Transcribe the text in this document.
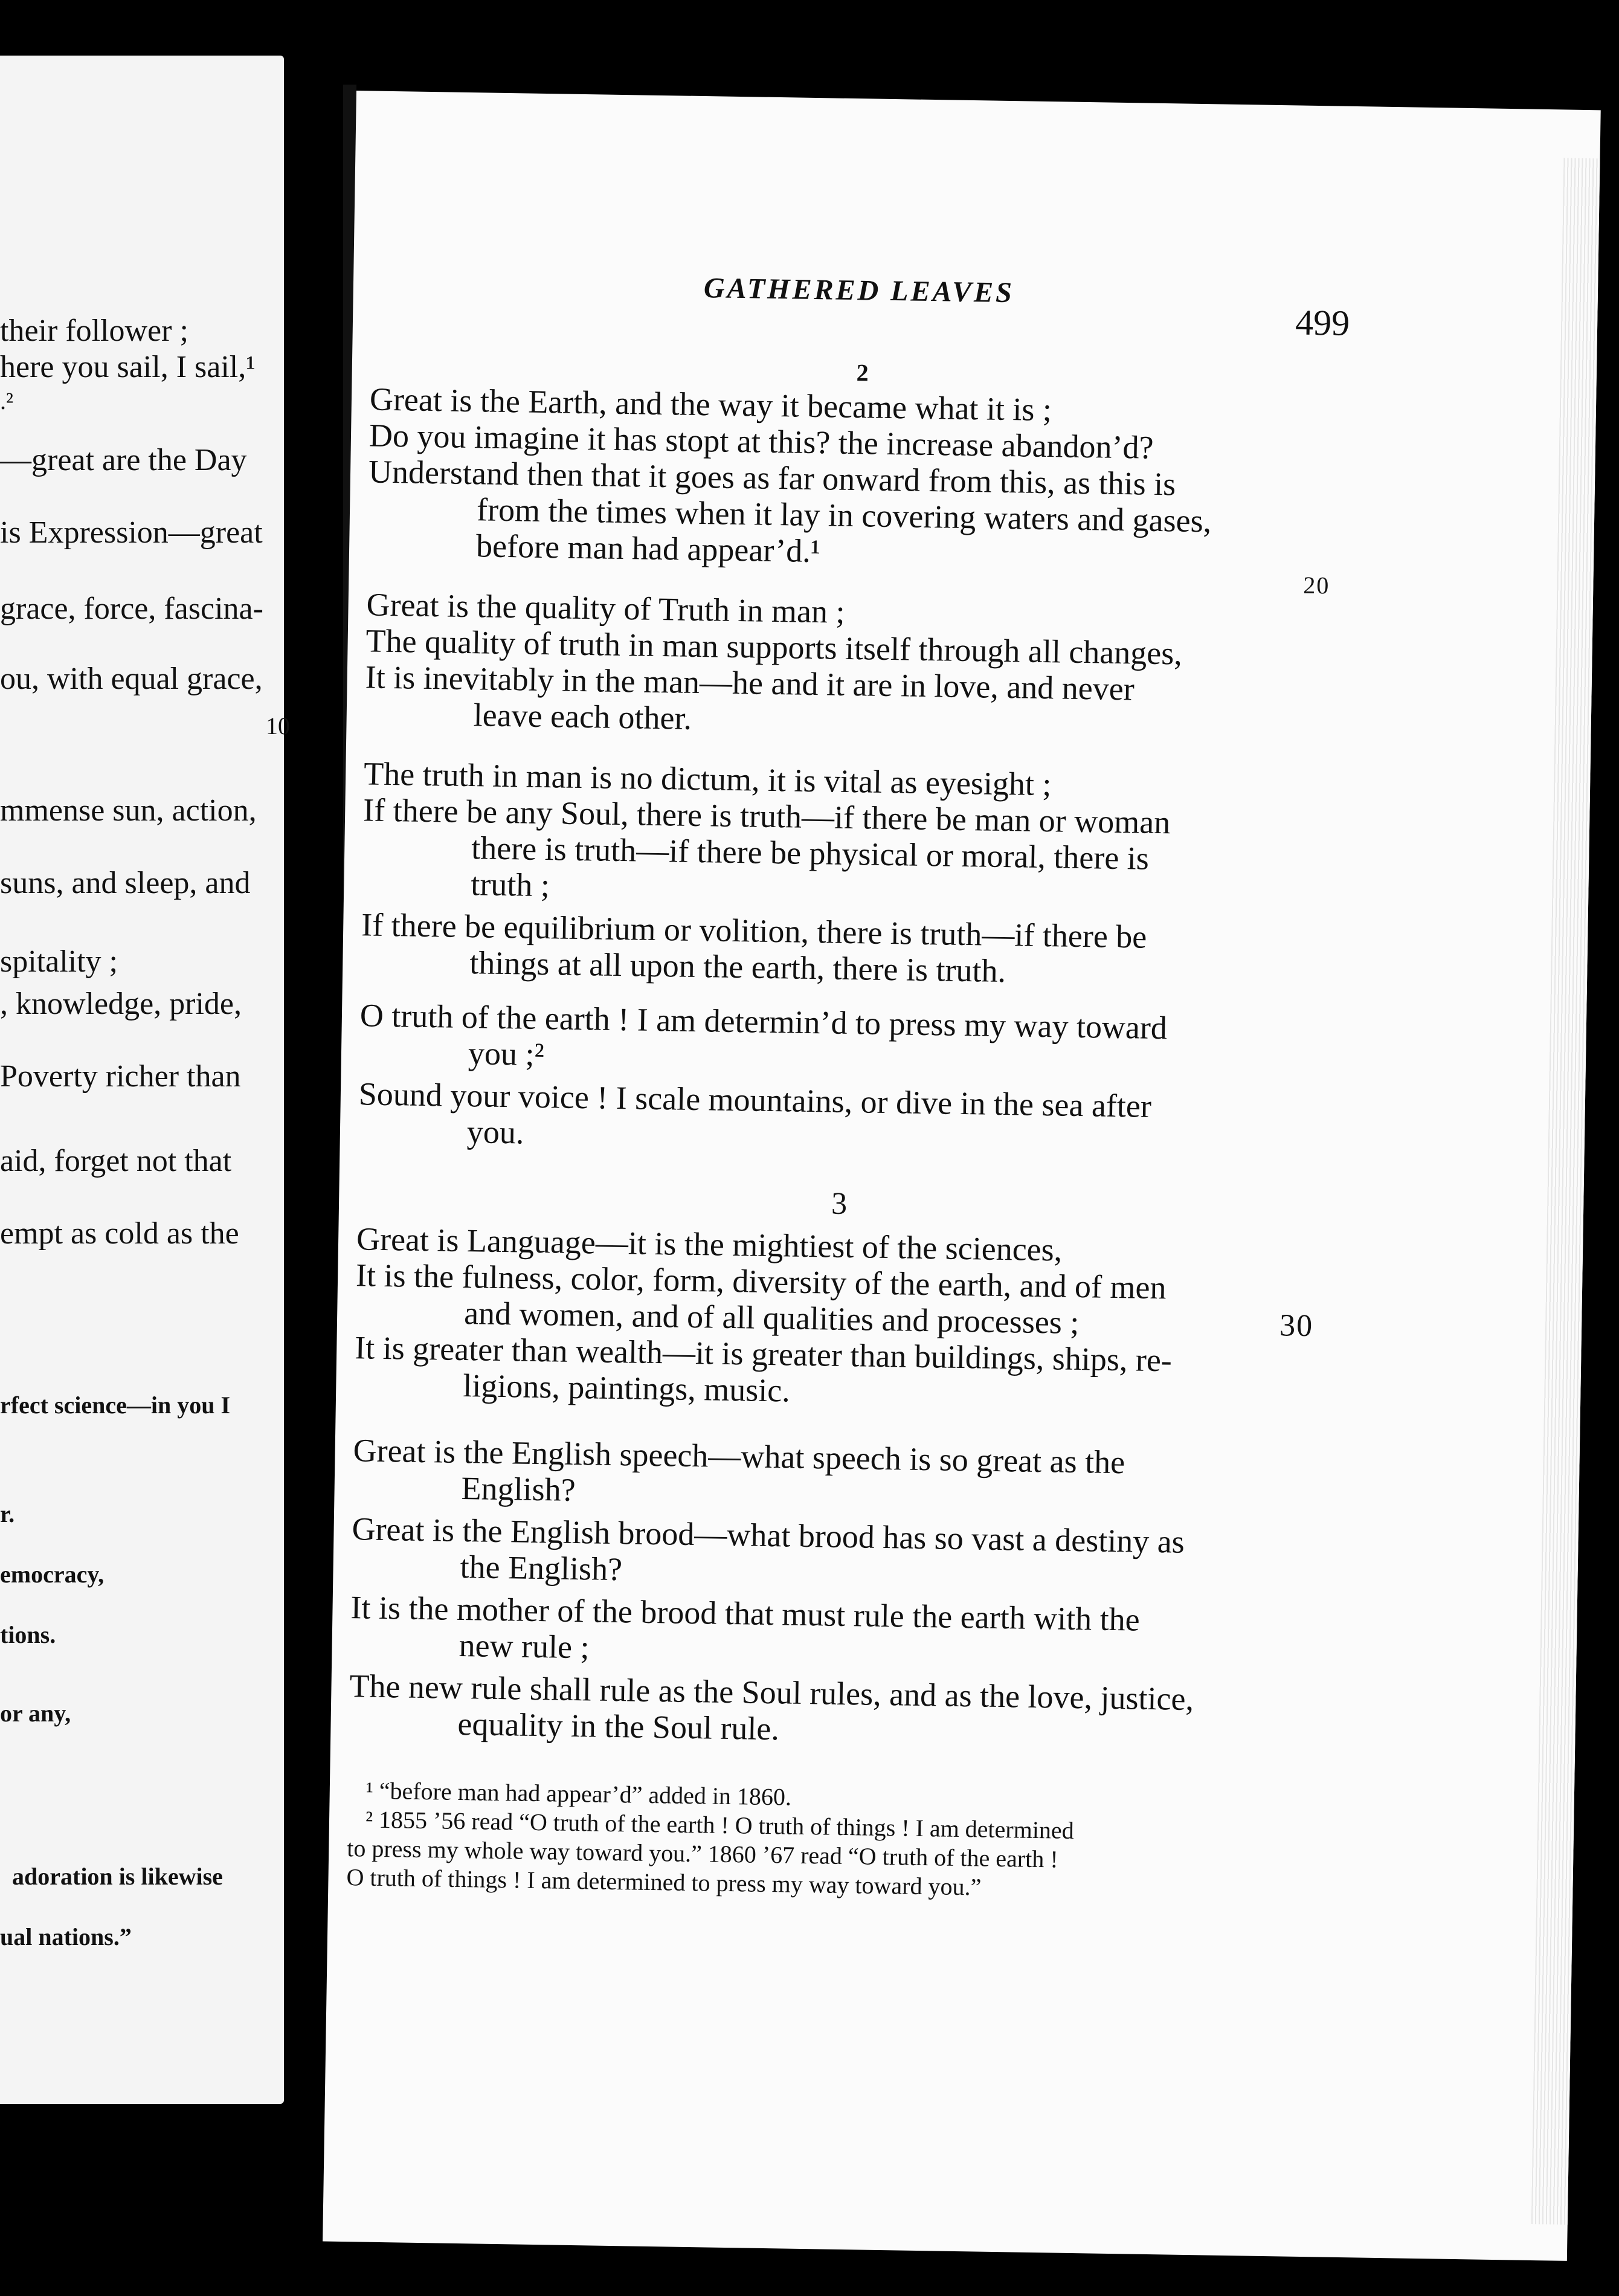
their follower ;
here you sail, I sail,¹
.²
—great are the Day
is Expression—great
grace, force, fascina-
ou, with equal grace,
10
mmense sun, action,
suns, and sleep, and
spitality ;
, knowledge, pride,
Poverty richer than
aid, forget not that
empt as cold as the
rfect science—in you I
r.
emocracy,
tions.
or any,
adoration is likewise
ual nations.”
GATHERED LEAVES
499
2
Great is the Earth, and the way it became what it is ;
Do you imagine it has stopt at this? the increase abandon’d?
Understand then that it goes as far onward from this, as this is
from the times when it lay in covering waters and gases,
before man had appear’d.¹
20
Great is the quality of Truth in man ;
The quality of truth in man supports itself through all changes,
It is inevitably in the man—he and it are in love, and never
leave each other.
The truth in man is no dictum, it is vital as eyesight ;
If there be any Soul, there is truth—if there be man or woman
there is truth—if there be physical or moral, there is
truth ;
If there be equilibrium or volition, there is truth—if there be
things at all upon the earth, there is truth.
O truth of the earth ! I am determin’d to press my way toward
you ;²
Sound your voice ! I scale mountains, or dive in the sea after
you.
3
Great is Language—it is the mightiest of the sciences,
It is the fulness, color, form, diversity of the earth, and of men
and women, and of all qualities and processes ;	30
It is greater than wealth—it is greater than buildings, ships, re-
ligions, paintings, music.
Great is the English speech—what speech is so great as the
English?
Great is the English brood—what brood has so vast a destiny as
the English?
It is the mother of the brood that must rule the earth with the
new rule ;
The new rule shall rule as the Soul rules, and as the love, justice,
equality in the Soul rule.
¹ “before man had appear’d” added in 1860.
² 1855 ’56 read “O truth of the earth ! O truth of things ! I am determined
to press my whole way toward you.” 1860 ’67 read “O truth of the earth !
O truth of things ! I am determined to press my way toward you.”
